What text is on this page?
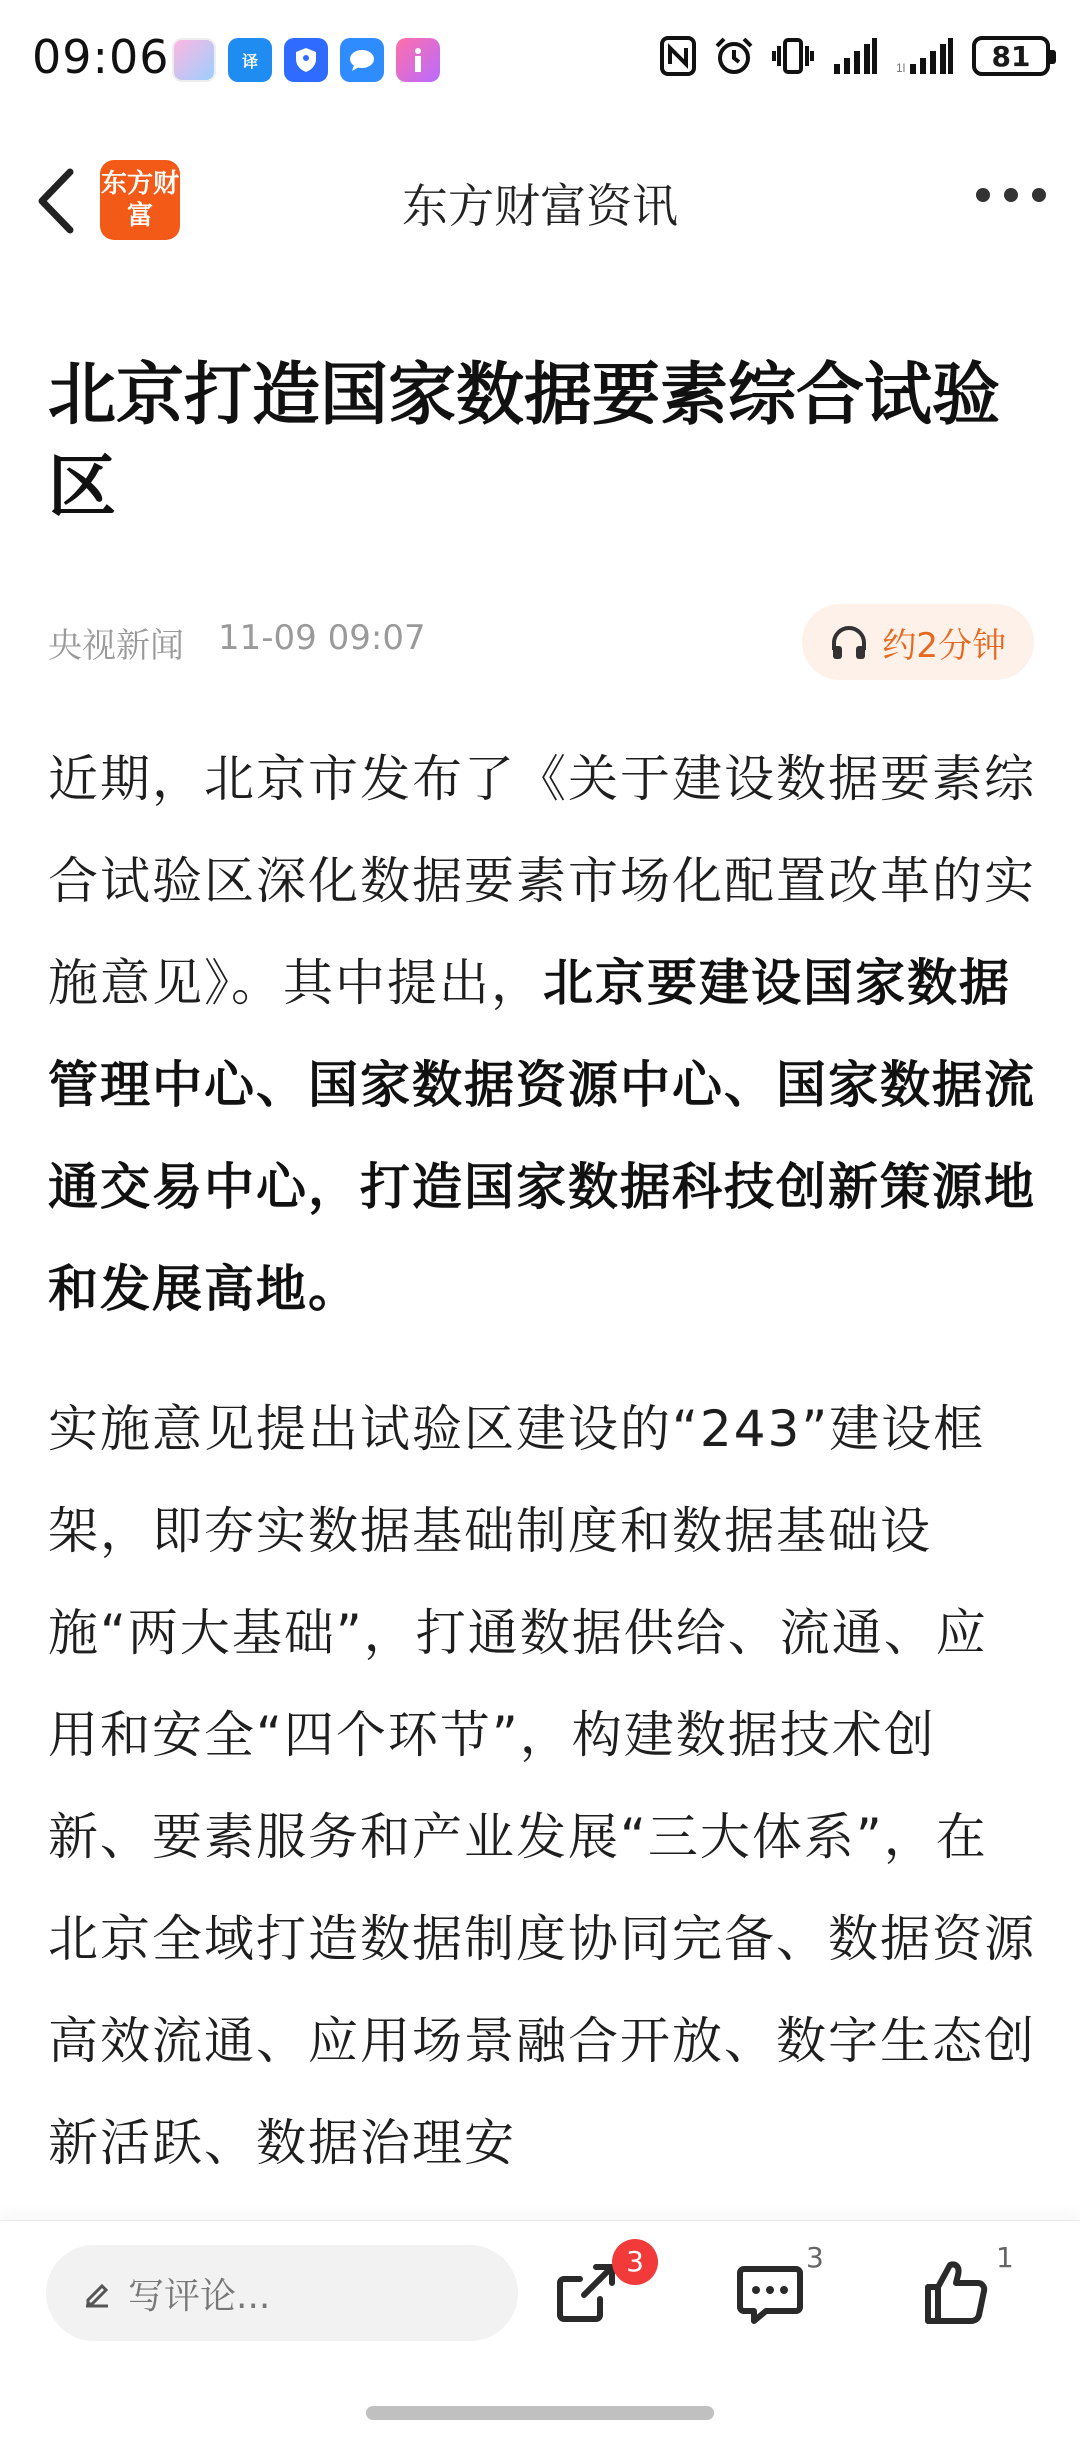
09:06	译	1l	81
东方财富	东方财富资讯
北京打造国家数据要素综合试验区
央视新闻 11-09 09:07	约2分钟

近期，北京市发布了《关于建设数据要素综合试验区深化数据要素市场化配置改革的实施意见》。其中提出，北京要建设国家数据管理中心、国家数据资源中心、国家数据流通交易中心，打造国家数据科技创新策源地和发展高地。

实施意见提出试验区建设的“243”建设框架，即夯实数据基础制度和数据基础设施“两大基础”，打通数据供给、流通、应用和安全“四个环节”，构建数据技术创新、要素服务和产业发展“三大体系”，在北京全域打造数据制度协同完备、数据资源高效流通、应用场景融合开放、数字生态创新活跃、数据治理安

写评论...
3	3	1
